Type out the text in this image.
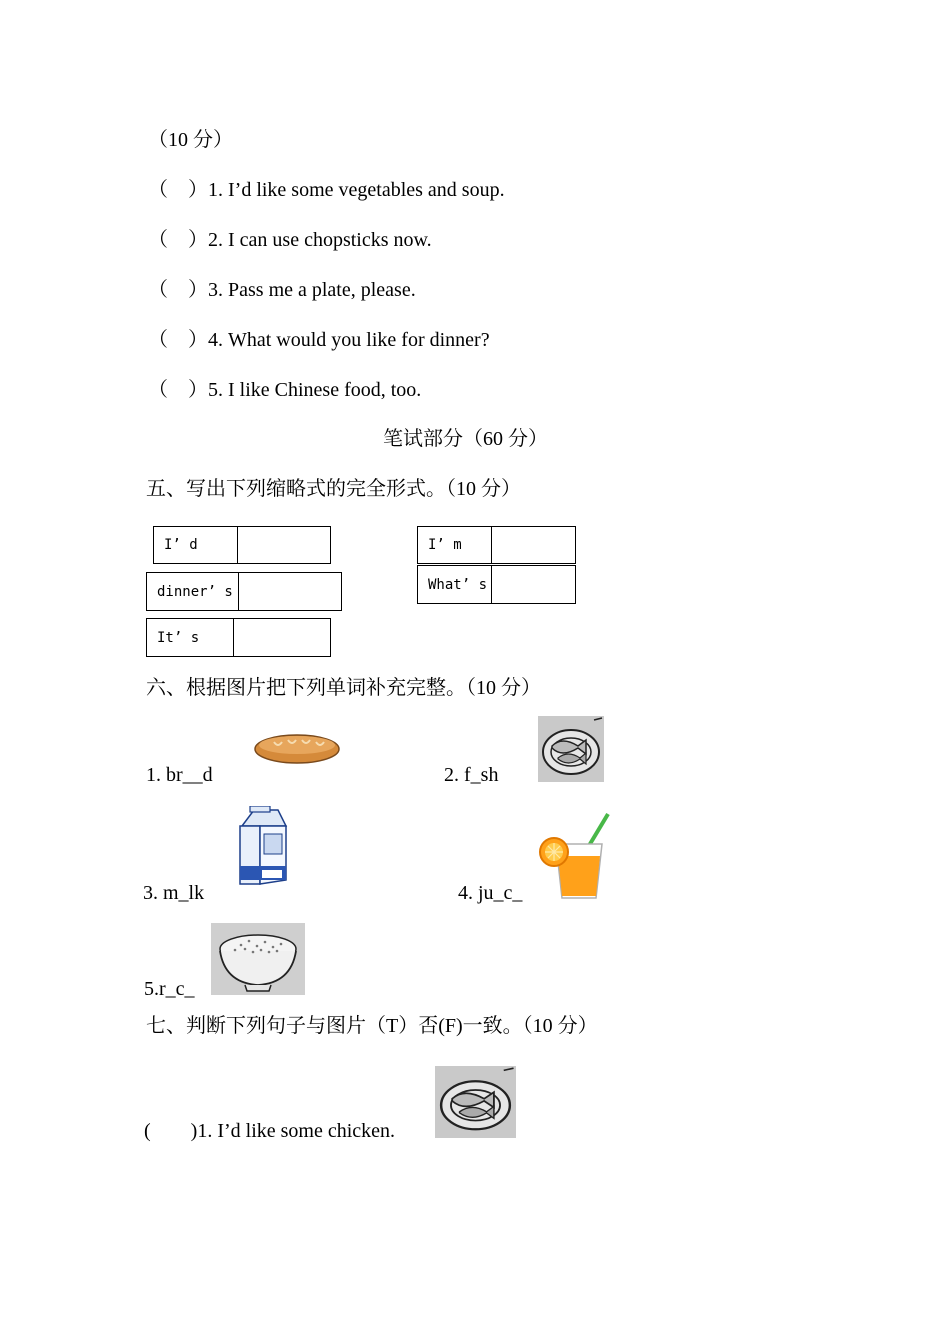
（10 分）
（　）1. I’d like some vegetables and soup.
（　）2. I can use chopsticks now.
（　）3. Pass me a plate, please.
（　）4. What would you like for dinner?
（　）5. I like Chinese food, too.
笔试部分（60 分）
五、写出下列缩略式的完全形式。（10 分）
I’ d
dinner’ s
It’ s
I’ m
What’ s
六、根据图片把下列单词补充完整。（10 分）
1. br__d	2. f_sh
3. m_lk	4. ju_c_
5.r_c_
七、判断下列句子与图片（T）否(F)一致。（10 分）
(　　)1. I’d like some chicken.
